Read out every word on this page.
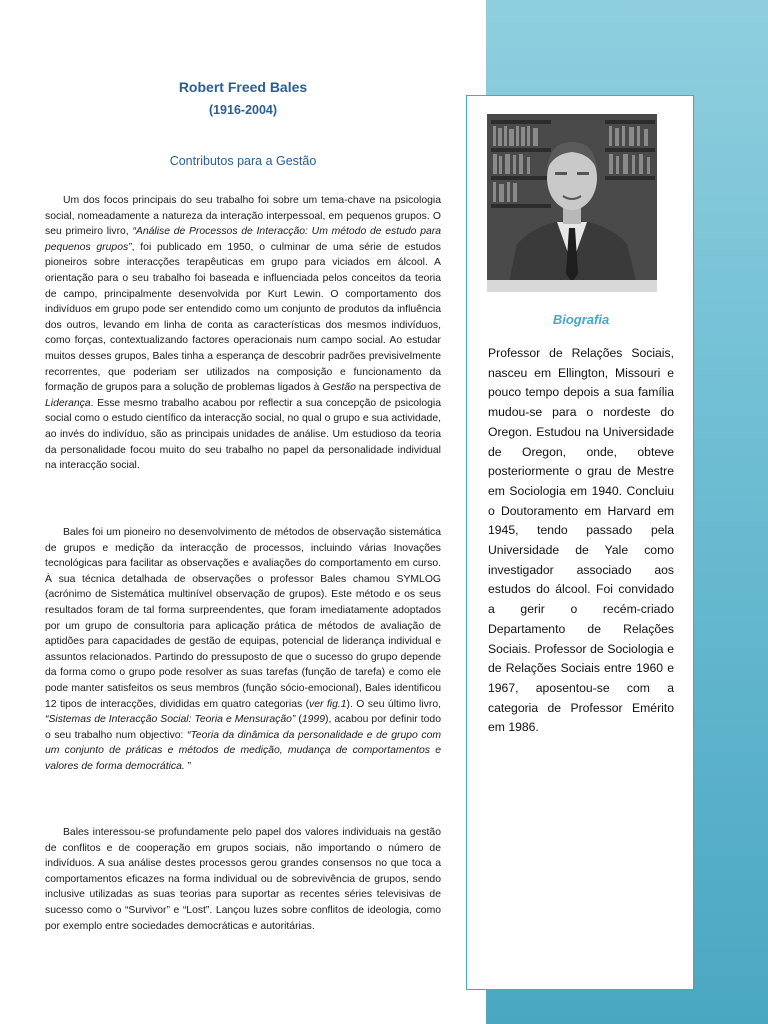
Robert Freed Bales
(1916-2004)
Contributos para a Gestão

Um dos focos principais do seu trabalho foi sobre um tema-chave na psicologia social, nomeadamente a natureza da interação interpessoal, em pequenos grupos. O seu primeiro livro, “Análise de Processos de Interacção: Um método de estudo para pequenos grupos”, foi publicado em 1950, o culminar de uma série de estudos pioneiros sobre interacções terapêuticas em grupo para viciados em álcool. A orientação para o seu trabalho foi baseada e influenciada pelos conceitos da teoria de campo, principalmente desenvolvida por Kurt Lewin. O comportamento dos indivíduos em grupo pode ser entendido como um conjunto de produtos da influência dos outros, levando em linha de conta as características dos mesmos indivíduos, como forças, contextualizando factores operacionais num campo social. Ao estudar muitos desses grupos, Bales tinha a esperança de descobrir padrões previsivelmente recorrentes, que poderiam ser utilizados na composição e funcionamento da formação de grupos para a solução de problemas ligados à Gestão na perspectiva de Liderança. Esse mesmo trabalho acabou por reflectir a sua concepção de psicologia social como o estudo científico da interacção social, no qual o grupo e sua actividade, ao invés do indivíduo, são as principais unidades de análise. Um estudioso da teoria da personalidade focou muito do seu trabalho no papel da personalidade individual na interacção social.

Bales foi um pioneiro no desenvolvimento de métodos de observação sistemática de grupos e medição da interacção de processos, incluindo várias Inovações tecnológicas para facilitar as observações e avaliações do comportamento em curso. À sua técnica detalhada de observações o professor Bales chamou SYMLOG (acrónimo de Sistemática multinível observação de grupos). Este método e os seus resultados foram de tal forma surpreendentes, que foram imediatamente adoptados por um grupo de consultoria para aplicação prática de métodos de avaliação de aptidões para capacidades de gestão de equipas, potencial de liderança individual e assuntos relacionados. Partindo do pressuposto de que o sucesso do grupo depende da forma como o grupo pode resolver as suas tarefas (função de tarefa) e como ele pode manter satisfeitos os seus membros (função sócio-emocional), Bales identificou 12 tipos de interacções, divididas em quatro categorias (ver fig.1). O seu último livro, “Sistemas de Interacção Social: Teoria e Mensuração” (1999), acabou por definir todo o seu trabalho num objectivo: “Teoria da dinâmica da personalidade e de grupo com um conjunto de práticas e métodos de medição, mudança de comportamentos e valores de forma democrática. ”

Bales interessou-se profundamente pelo papel dos valores individuais na gestão de conflitos e de cooperação em grupos sociais, não importando o número de indivíduos. A sua análise destes processos gerou grandes consensos no que toca a comportamentos eficazes na forma individual ou de sobrevivência de grupos, sendo inclusive utilizadas as suas teorias para suportar as recentes séries televisivas de sucesso como o “Survivor” e “Lost”. Lançou luzes sobre conflitos de ideologia, como por exemplo entre sociedades democráticas e autoritárias.

Biografia
Professor de Relações Sociais, nasceu em Ellington, Missouri e pouco tempo depois a sua família mudou-se para o nordeste do Oregon. Estudou na Universidade de Oregon, onde, obteve posteriormente o grau de Mestre em Sociologia em 1940. Concluiu o Doutoramento em Harvard em 1945, tendo passado pela Universidade de Yale como investigador associado aos estudos do álcool. Foi convidado a gerir o recém-criado Departamento de Relações Sociais. Professor de Sociologia e de Relações Sociais entre 1960 e 1967, aposentou-se com a categoria de Professor Emérito em 1986.
